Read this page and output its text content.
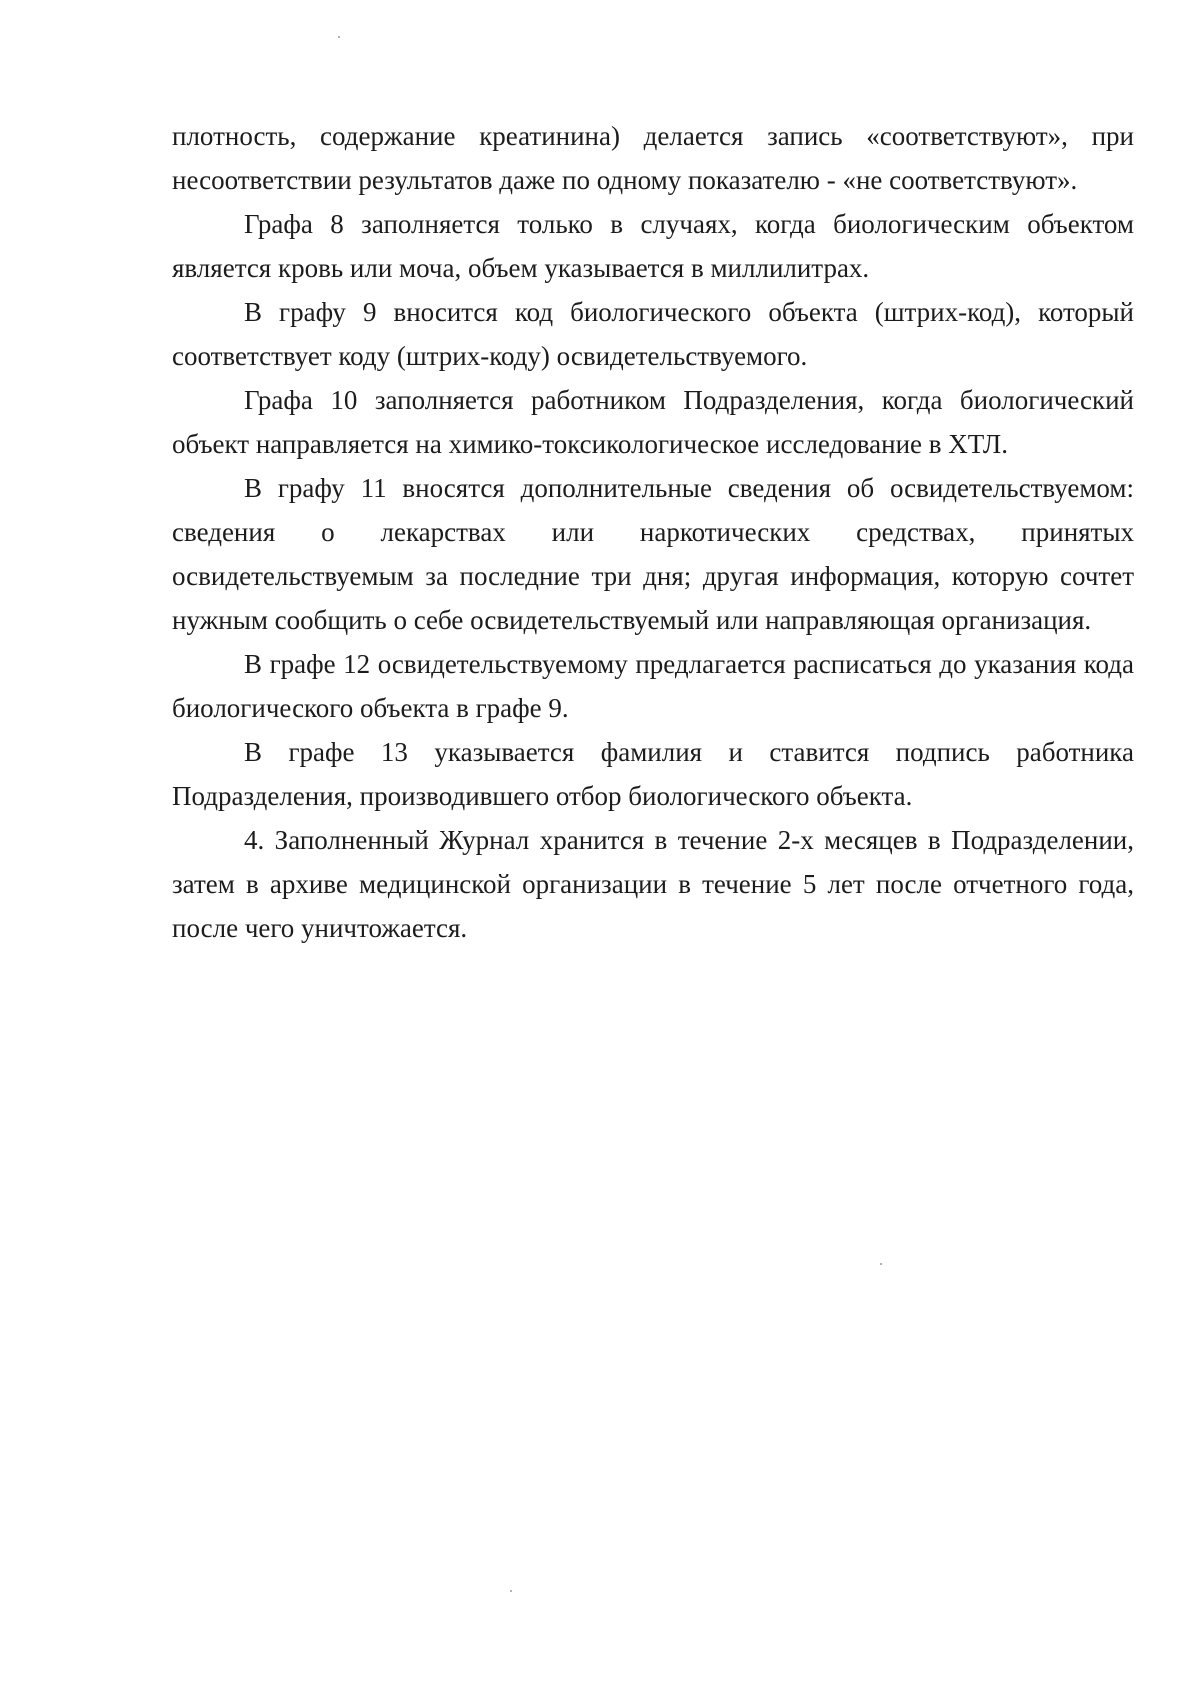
плотность, содержание креатинина) делается запись «соответствуют», при несоответствии результатов даже по одному показателю - «не соответствуют».

Графа 8 заполняется только в случаях, когда биологическим объектом является кровь или моча, объем указывается в миллилитрах.

В графу 9 вносится код биологического объекта (штрих-код), который соответствует коду (штрих-коду) освидетельствуемого.

Графа 10 заполняется работником Подразделения, когда биологический объект направляется на химико-токсикологическое исследование в ХТЛ.

В графу 11 вносятся дополнительные сведения об освидетельствуемом: сведения о лекарствах или наркотических средствах, принятых освидетельствуемым за последние три дня; другая информация, которую сочтет нужным сообщить о себе освидетельствуемый или направляющая организация.

В графе 12 освидетельствуемому предлагается расписаться до указания кода биологического объекта в графе 9.

В графе 13 указывается фамилия и ставится подпись работника Подразделения, производившего отбор биологического объекта.

4. Заполненный Журнал хранится в течение 2-х месяцев в Подразделении, затем в архиве медицинской организации в течение 5 лет после отчетного года, после чего уничтожается.
